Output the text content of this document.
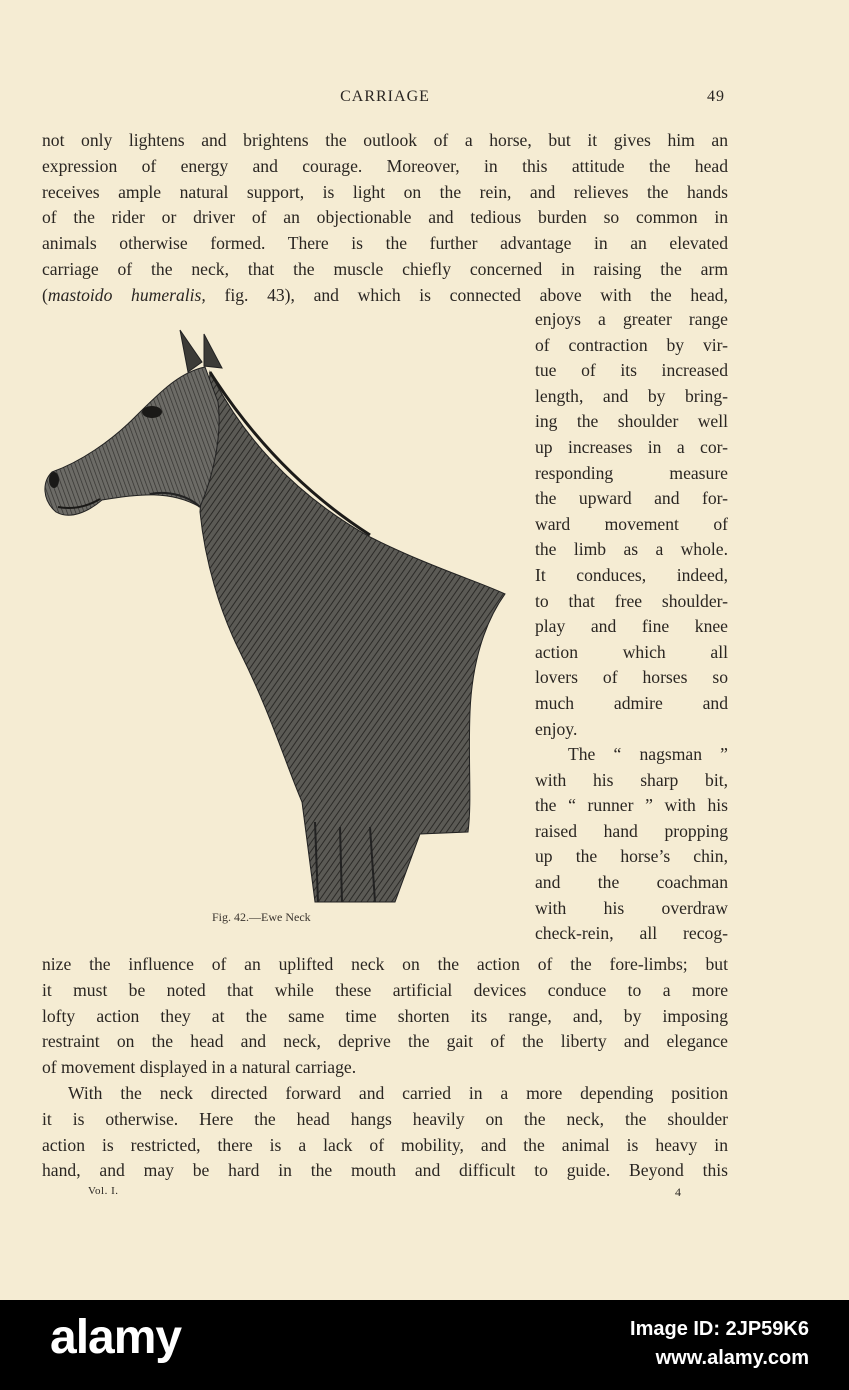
CARRIAGE	49

not only lightens and brightens the outlook of a horse, but it gives him an
expression of energy and courage. Moreover, in this attitude the head
receives ample natural support, is light on the rein, and relieves the hands
of the rider or driver of an objectionable and tedious burden so common in
animals otherwise formed. There is the further advantage in an elevated
carriage of the neck, that the muscle chiefly concerned in raising the arm
(mastoido humeralis, fig. 43), and which is connected above with the head,

enjoys a greater range
of contraction by vir-
tue of its increased
length, and by bring-
ing the shoulder well
up increases in a cor-
responding measure
the upward and for-
ward movement of
the limb as a whole.
It conduces, indeed,
to that free shoulder-
play and fine knee
action which all
lovers of horses so
much admire and
enjoy.
The “ nagsman ”
with his sharp bit,
the “ runner ” with his
raised hand propping
up the horse’s chin,
and the coachman
with his overdraw
check-rein, all recog-

Fig. 42.—Ewe Neck

nize the influence of an uplifted neck on the action of the fore-limbs; but
it must be noted that while these artificial devices conduce to a more
lofty action they at the same time shorten its range, and, by imposing
restraint on the head and neck, deprive the gait of the liberty and elegance
of movement displayed in a natural carriage.

With the neck directed forward and carried in a more depending position
it is otherwise. Here the head hangs heavily on the neck, the shoulder
action is restricted, there is a lack of mobility, and the animal is heavy in
hand, and may be hard in the mouth and difficult to guide. Beyond this

Vol. I.	4
alamy	Image ID: 2JP59K6
www.alamy.com
